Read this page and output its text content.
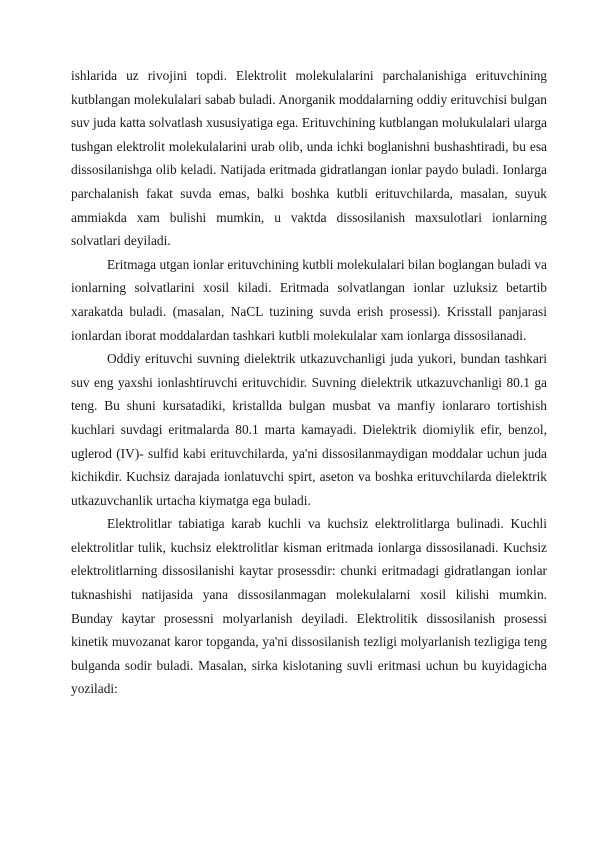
ishlarida uz rivojini topdi. Elektrolit molekulalarini parchalanishiga erituvchining kutblangan molekulalari sabab buladi. Anorganik moddalarning oddiy erituvchisi bulgan suv juda katta solvatlash xususiyatiga ega. Erituvchining kutblangan molukulalari ularga tushgan elektrolit molekulalarini urab olib, unda ichki boglanishni bushashtiradi, bu esa dissosilanishga olib keladi. Natijada eritmada gidratlangan ionlar paydo buladi. Ionlarga parchalanish fakat suvda emas, balki boshka kutbli erituvchilarda, masalan, suyuk ammiakda xam bulishi mumkin, u vaktda dissosilanish maxsulotlari ionlarning solvatlari deyiladi.

Eritmaga utgan ionlar erituvchining kutbli molekulalari bilan boglangan buladi va ionlarning solvatlarini xosil kiladi. Eritmada solvatlangan ionlar uzluksiz betartib xarakatda buladi. (masalan, NaCL tuzining suvda erish prosessi). Krisstall panjarasi ionlardan iborat moddalardan tashkari kutbli molekulalar xam ionlarga dissosilanadi.

Oddiy erituvchi suvning dielektrik utkazuvchanligi juda yukori, bundan tashkari suv eng yaxshi ionlashtiruvchi erituvchidir. Suvning dielektrik utkazuvchanligi 80.1 ga teng. Bu shuni kursatadiki, kristallda bulgan musbat va manfiy ionlararo tortishish kuchlari suvdagi eritmalarda 80.1 marta kamayadi. Dielektrik diomiylik efir, benzol, uglerod (IV)- sulfid kabi erituvchilarda, ya'ni dissosilanmaydigan moddalar uchun juda kichikdir. Kuchsiz darajada ionlatuvchi spirt, aseton va boshka erituvchilarda dielektrik utkazuvchanlik urtacha kiymatga ega buladi.

Elektrolitlar tabiatiga karab kuchli va kuchsiz elektrolitlarga bulinadi. Kuchli elektrolitlar tulik, kuchsiz elektrolitlar kisman eritmada ionlarga dissosilanadi. Kuchsiz elektrolitlarning dissosilanishi kaytar prosessdir: chunki eritmadagi gidratlangan ionlar tuknashishi natijasida yana dissosilanmagan molekulalarni xosil kilishi mumkin. Bunday kaytar prosessni molyarlanish deyiladi. Elektrolitik dissosilanish prosessi kinetik muvozanat karor topganda, ya'ni dissosilanish tezligi molyarlanish tezligiga teng bulganda sodir buladi. Masalan, sirka kislotaning suvli eritmasi uchun bu kuyidagicha yoziladi:
